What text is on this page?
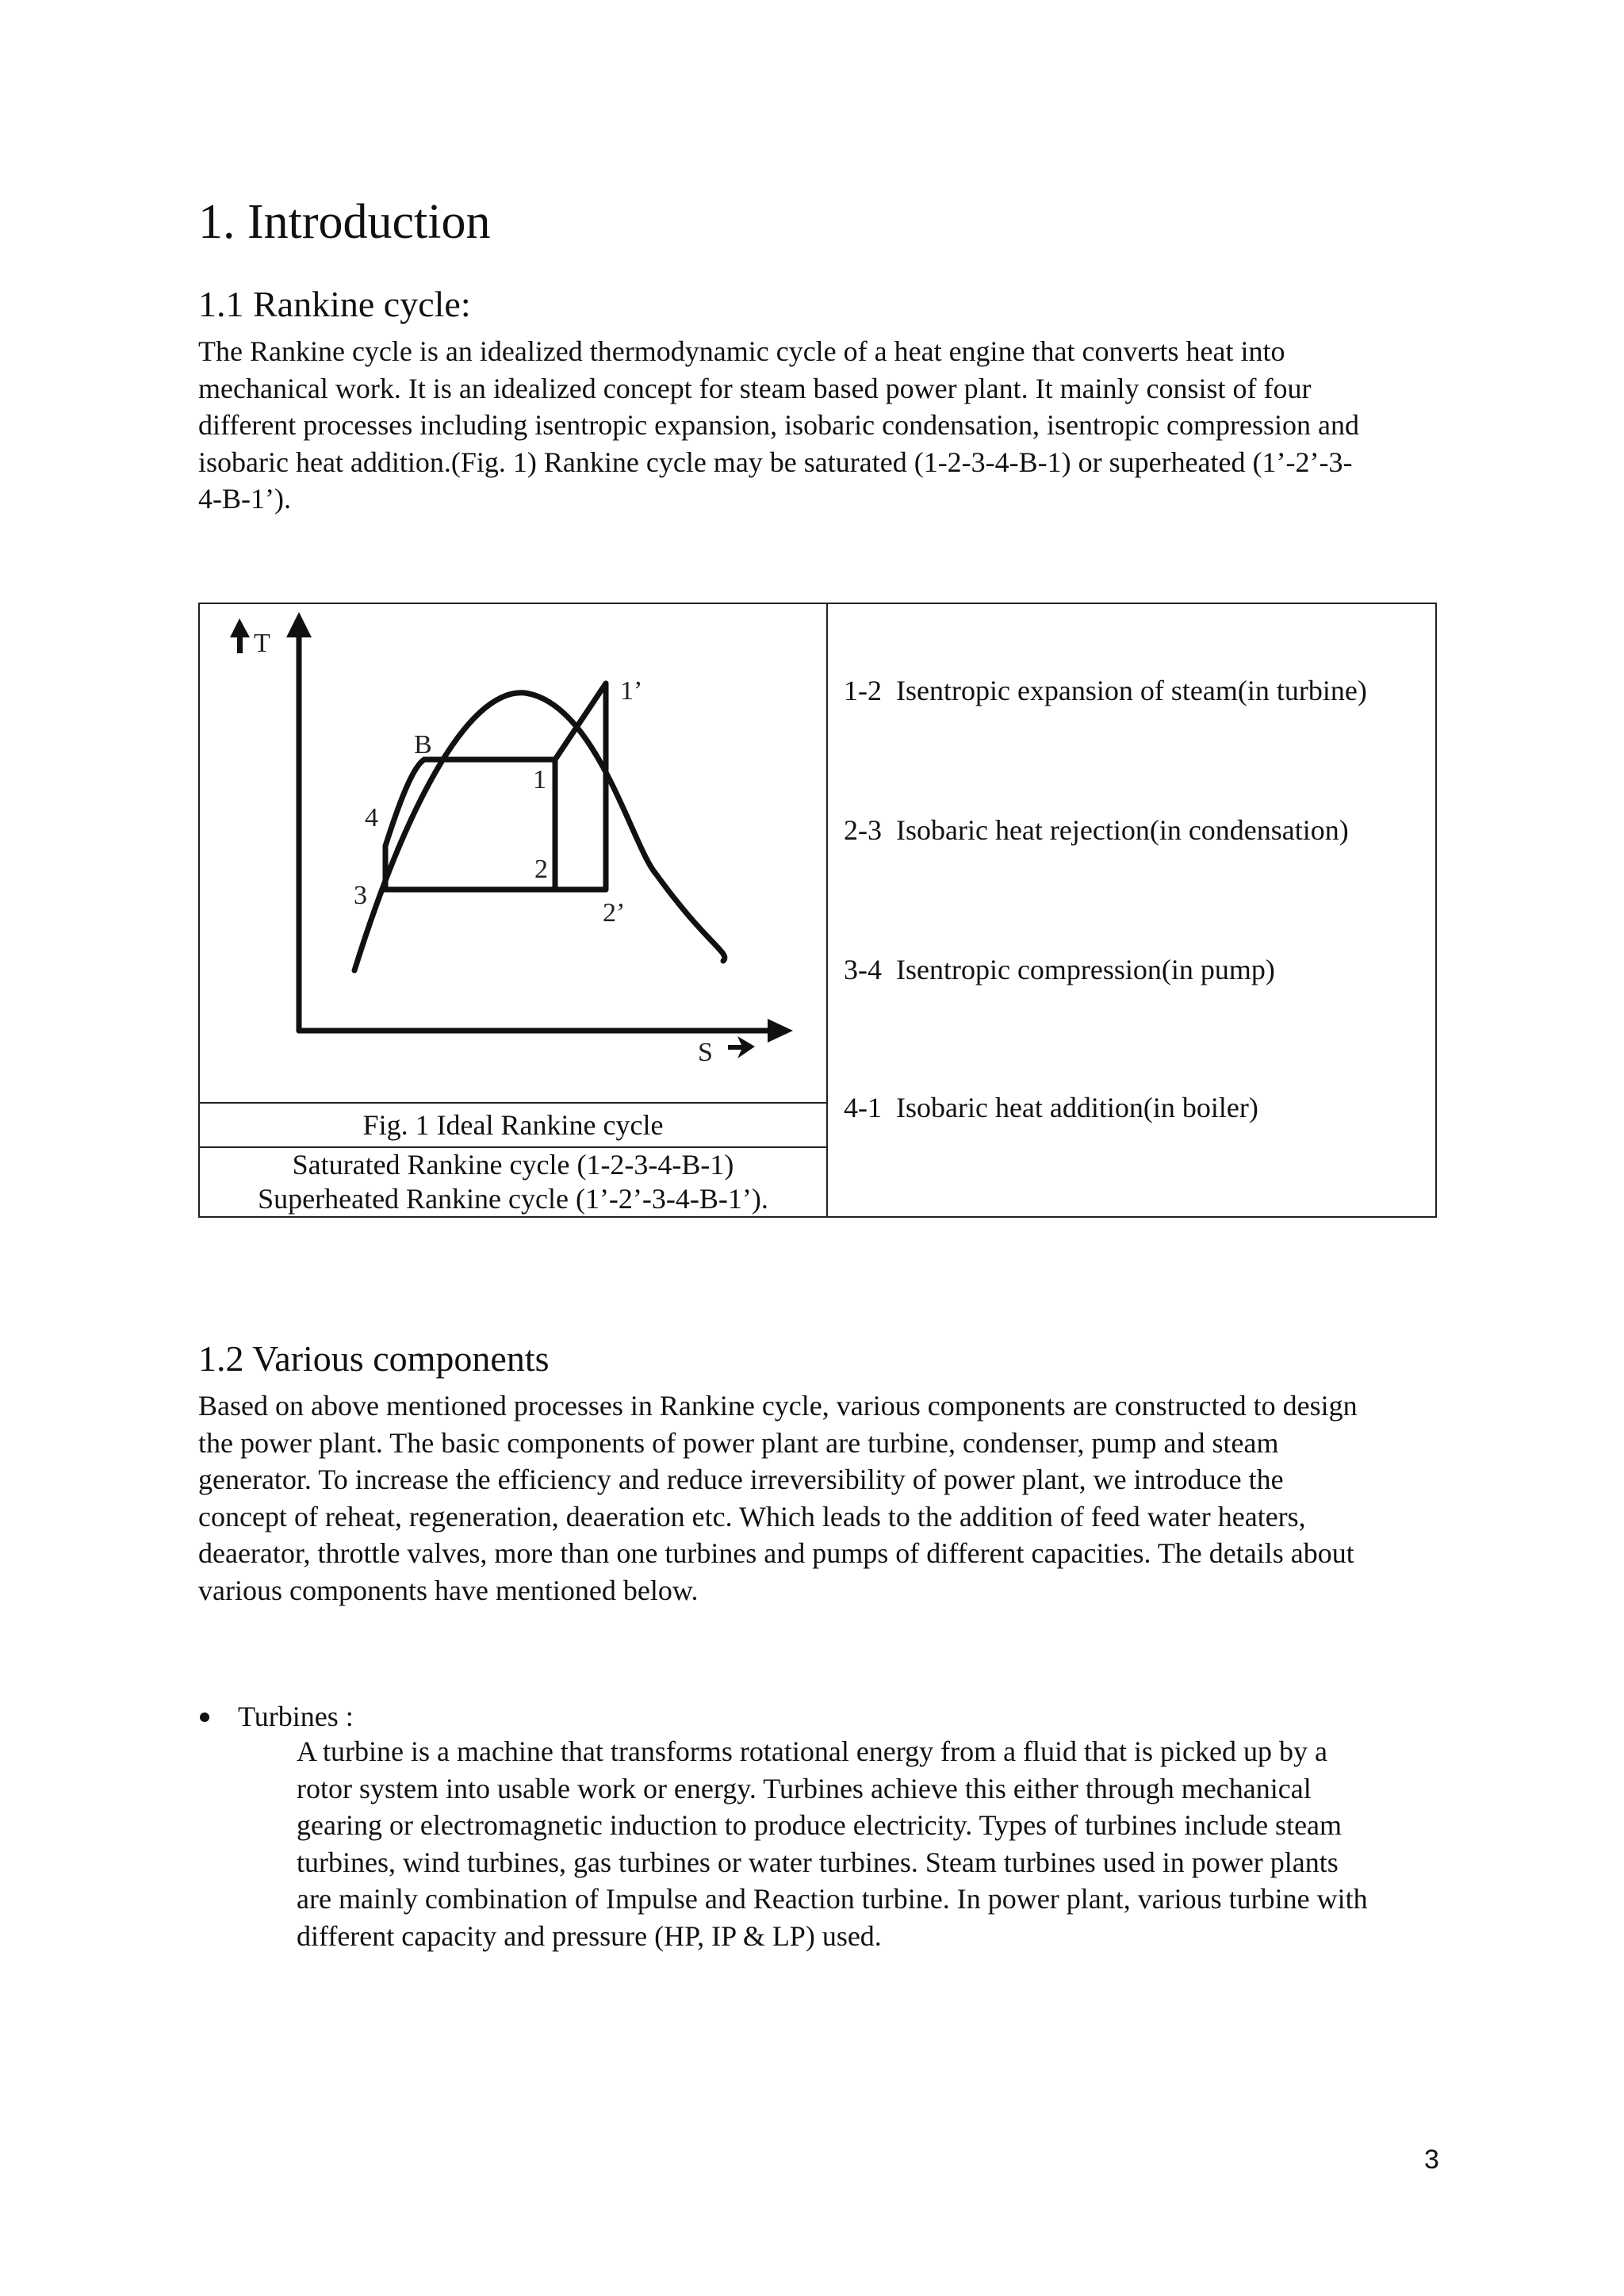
1. Introduction
1.1 Rankine cycle:

The Rankine cycle is an idealized thermodynamic cycle of a heat engine that converts heat into
mechanical work. It is an idealized concept for steam based power plant. It mainly consist of four
different processes including isentropic expansion, isobaric condensation, isentropic compression and
isobaric heat addition.(Fig. 1) Rankine cycle may be saturated (1-2-3-4-B-1) or superheated (1’-2’-3-
4-B-1’).

T
S
1’
B
1
4
2
3
2’
Fig. 1 Ideal Rankine cycle
Saturated Rankine cycle (1-2-3-4-B-1)
Superheated Rankine cycle (1’-2’-3-4-B-1’).
1-2 Isentropic expansion of steam(in turbine)
2-3 Isobaric heat rejection(in condensation)
3-4 Isentropic compression(in pump)
4-1 Isobaric heat addition(in boiler)
1.2 Various components

Based on above mentioned processes in Rankine cycle, various components are constructed to design
the power plant. The basic components of power plant are turbine, condenser, pump and steam
generator. To increase the efficiency and reduce irreversibility of power plant, we introduce the
concept of reheat, regeneration, deaeration etc. Which leads to the addition of feed water heaters,
deaerator, throttle valves, more than one turbines and pumps of different capacities. The details about
various components have mentioned below.

Turbines :

A turbine is a machine that transforms rotational energy from a fluid that is picked up by a
rotor system into usable work or energy. Turbines achieve this either through mechanical
gearing or electromagnetic induction to produce electricity. Types of turbines include steam
turbines, wind turbines, gas turbines or water turbines. Steam turbines used in power plants
are mainly combination of Impulse and Reaction turbine. In power plant, various turbine with
different capacity and pressure (HP, IP & LP) used.

3
